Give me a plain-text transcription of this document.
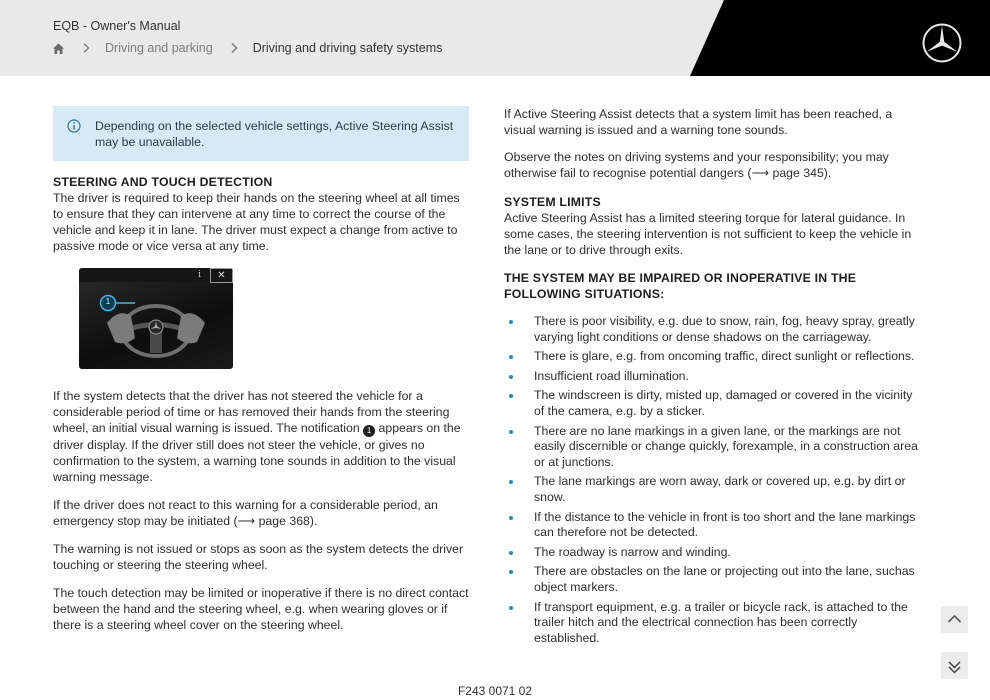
EQB - Owner's Manual
Driving and parking	Driving and driving safety systems

Depending on the selected vehicle settings, Active Steering Assist may be unavailable.

STEERING AND TOUCH DETECTION

The driver is required to keep their hands on the steering wheel at all times to ensure that they can intervene at any time to correct the course of the vehicle and keep it in lane. The driver must expect a change from active to passive mode or vice versa at any time.

i	✕
1

If the system detects that the driver has not steered the vehicle for a considerable period of time or has removed their hands from the steering wheel, an initial visual warning is issued. The notification 1 appears on the driver display. If the driver still does not steer the vehicle, or gives no confirmation to the system, a warning tone sounds in addition to the visual warning message.

If the driver does not react to this warning for a considerable period, an emergency stop may be initiated (⟶ page 368).

The warning is not issued or stops as soon as the system detects the driver touching or steering the steering wheel.

The touch detection may be limited or inoperative if there is no direct contact between the hand and the steering wheel, e.g. when wearing gloves or if there is a steering wheel cover on the steering wheel.

If Active Steering Assist detects that a system limit has been reached, a visual warning is issued and a warning tone sounds.

Observe the notes on driving systems and your responsibility; you may otherwise fail to recognise potential dangers (⟶ page 345).

SYSTEM LIMITS

Active Steering Assist has a limited steering torque for lateral guidance. In some cases, the steering intervention is not sufficient to keep the vehicle in the lane or to drive through exits.

THE SYSTEM MAY BE IMPAIRED OR INOPERATIVE IN THE FOLLOWING SITUATIONS:
There is poor visibility, e.g. due to snow, rain, fog, heavy spray, greatly varying light conditions or dense shadows on the carriageway.
There is glare, e.g. from oncoming traffic, direct sunlight or reflections.
Insufficient road illumination.
The windscreen is dirty, misted up, damaged or covered in the vicinity of the camera, e.g. by a sticker.
There are no lane markings in a given lane, or the markings are not easily discernible or change quickly, forexample, in a construction area or at junctions.
The lane markings are worn away, dark or covered up, e.g. by dirt or snow.
If the distance to the vehicle in front is too short and the lane markings can therefore not be detected.
The roadway is narrow and winding.
There are obstacles on the lane or projecting out into the lane, suchas object markers.
If transport equipment, e.g. a trailer or bicycle rack, is attached to the trailer hitch and the electrical connection has been correctly established.
F243 0071 02
